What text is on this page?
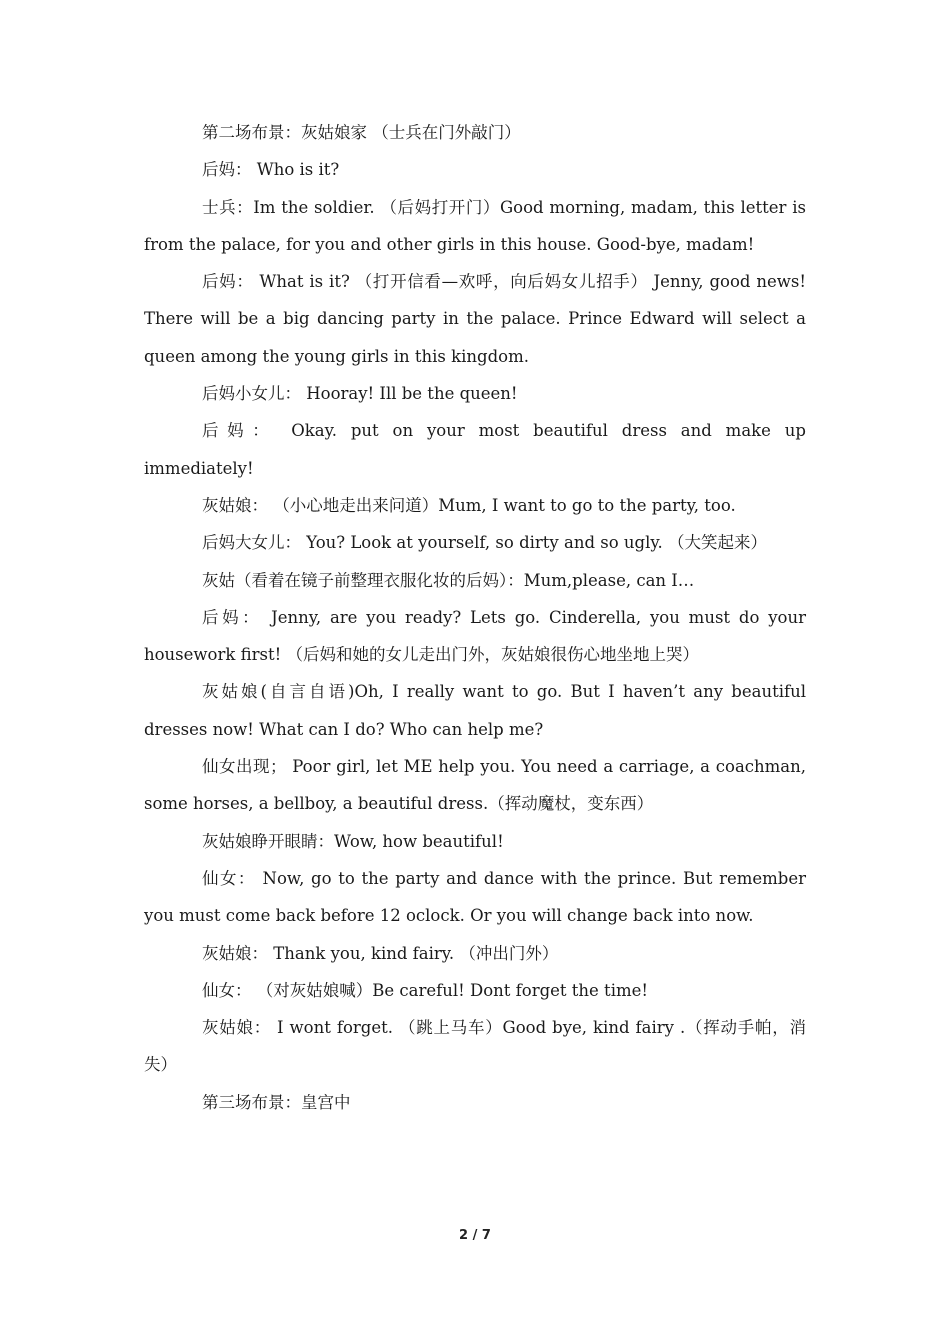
第二场布景：灰姑娘家 （士兵在门外敲门）

后妈： Who is it?

士兵：Im the soldier. （后妈打开门）Good morning, madam, this letter is from the palace, for you and other girls in this house. Good-bye, madam!

后妈： What is it? （打开信看—欢呼，向后妈女儿招手） Jenny, good news! There will be a big dancing party in the palace. Prince Edward will select a queen among the young girls in this kingdom.

后妈小女儿： Hooray! Ill be the queen!

后妈： Okay. put on your most beautiful dress and make up immediately!

灰姑娘： （小心地走出来问道）Mum, I want to go to the party, too.

后妈大女儿： You? Look at yourself, so dirty and so ugly. （大笑起来）

灰姑（看着在镜子前整理衣服化妆的后妈）：Mum,please, can I…

后妈： Jenny, are you ready? Lets go. Cinderella, you must do your housework first! （后妈和她的女儿走出门外，灰姑娘很伤心地坐地上哭）

灰姑娘(自言自语)Oh, I really want to go. But I haven’t any beautiful dresses now! What can I do? Who can help me?

仙女出现； Poor girl, let ME help you. You need a carriage, a coachman, some horses, a bellboy, a beautiful dress.（挥动魔杖，变东西）

灰姑娘睁开眼睛：Wow, how beautiful!

仙女： Now, go to the party and dance with the prince. But remember you must come back before 12 oclock. Or you will change back into now.

灰姑娘： Thank you, kind fairy. （冲出门外）

仙女： （对灰姑娘喊）Be careful! Dont forget the time!

灰姑娘： I wont forget. （跳上马车）Good bye, kind fairy .（挥动手帕，消失）

第三场布景：皇宫中

2 / 7
